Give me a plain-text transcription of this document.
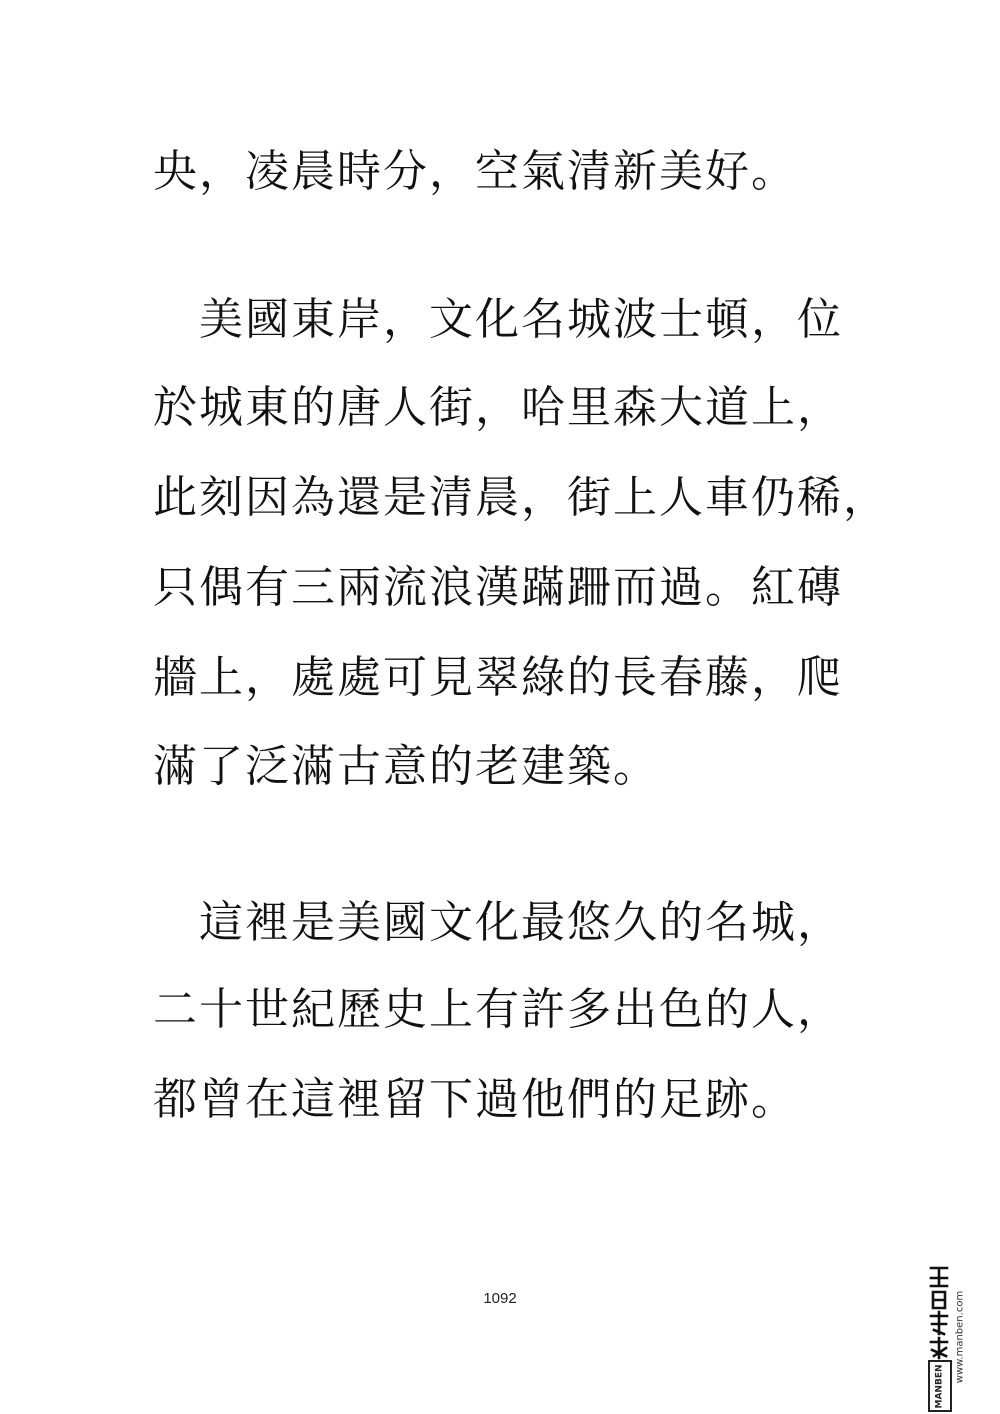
央，凌晨時分，空氣清新美好。
　美國東岸，文化名城波士頓，位
於城東的唐人街，哈里森大道上，
此刻因為還是清晨，街上人車仍稀，
只偶有三兩流浪漢蹣跚而過。紅磚
牆上，處處可見翠綠的長春藤，爬
滿了泛滿古意的老建築。
　這裡是美國文化最悠久的名城，
二十世紀歷史上有許多出色的人，
都曾在這裡留下過他們的足跡。
1092
MANBEN
www.manben.com
